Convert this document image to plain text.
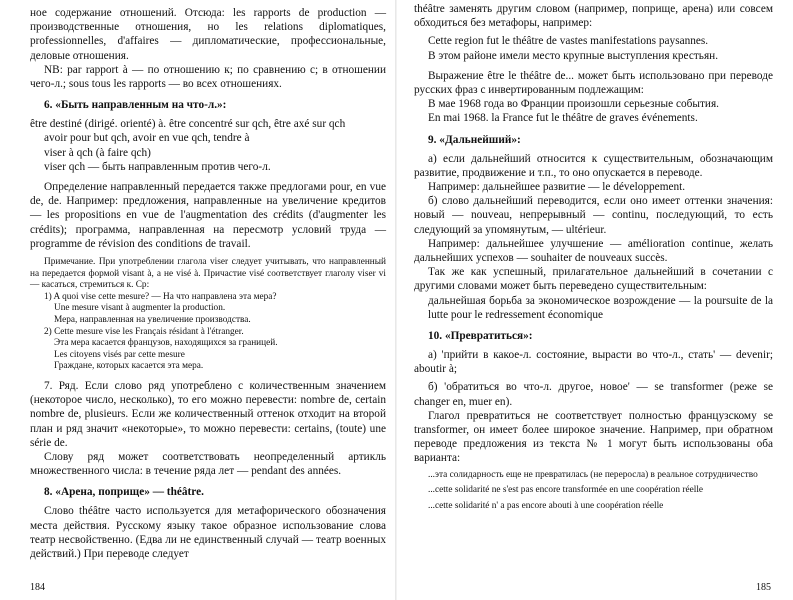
ное содержание отношений. Отсюда: les rapports de production — производственные отношения, но les relations diplomatiques, professionnelles, d'affaires — дипломатические, профессиональные, деловые отношения.

NB: par rapport à — по отношению к; по сравнению с; в отношении чего-л.; sous tous les rapports — во всех отношениях.

6. «Быть направленным на что-л.»:

être destiné (dirigé. orienté) à. être concentré sur qch, être axé sur qch

avoir pour but qch, avoir en vue qch, tendre à

viser à qch (à faire qch)

viser qch — быть направленным против чего-л.

Определение направленный передается также предлогами pour, en vue de, de. Например: предложения, направленные на увеличение кредитов — les propositions en vue de l'augmentation des crédits (d'augmenter les crédits); программа, направленная на пересмотр условий труда — programme de révision des conditions de travail.

Примечание. При употреблении глагола viser следует учитывать, что направленный на передается формой visant à, a не visé à. Причастие visé соответствует глаголу viser vi — касаться, стремиться к. Ср:

1) A quoi vise cette mesure? — На что направлена эта мера?

Une mesure visant à augmenter la production.

Мера, направленная на увеличение производства.

2) Cette mesure vise les Français résidant à l'étranger.

Эта мера касается французов, находящихся за границей.

Les citoyens visés par cette mesure

Граждане, которых касается эта мера.

7. Ряд. Если слово ряд употреблено с количественным значением (некоторое число, несколько), то его можно перевести: nombre de, certain nombre de, plusieurs. Если же количественный оттенок отходит на второй план и ряд значит «некоторые», то можно перевести: certains, (toute) une série de.

Слову ряд может соответствовать неопределенный артикль множественного числа: в течение ряда лет — pendant des années.

8. «Арена, поприще» — théâtre.

Слово théâtre часто используется для метафорического обозначения места действия. Русскому языку такое образное использование слова театр несвойственно. (Едва ли не единственный случай — театр военных действий.) При переводе следует

184

théâtre заменять другим словом (например, поприще, арена) или совсем обходиться без метафоры, например:

Cette region fut le théâtre de vastes manifestations paysannes.

В этом районе имели место крупные выступления крестьян.

Выражение être le théâtre de... может быть использовано при переводе русских фраз с инвертированным подлежащим:

В мае 1968 года во Франции произошли серьезные события.

En mai 1968. la France fut le théâtre de graves événements.

9. «Дальнейший»:

а) если дальнейший относится к существительным, обозначающим развитие, продвижение и т.п., то оно опускается в переводе.

Например: дальнейшее развитие — le développement.

б) слово дальнейший переводится, если оно имеет оттенки значения: новый — nouveau, непрерывный — continu, последующий, то есть следующий за упомянутым, — ultérieur.

Например: дальнейшее улучшение — amélioration continue, желать дальнейших успехов — souhaiter de nouveaux succès.

Так же как успешный, прилагательное дальнейший в сочетании с другими словами может быть переведено существительным:

дальнейшая борьба за экономическое возрождение — la poursuite de la lutte pour le redressement économique

10. «Превратиться»:

а) 'прийти в какое-л. состояние, вырасти во что-л., стать' — devenir; aboutir à;

б) 'обратиться во что-л. другое, новое' — se transformer (реже se changer en, muer en).

Глагол превратиться не соответствует полностью французскому se transformer, он имеет более широкое значение. Например, при обратном переводе предложения из текста № 1 могут быть использованы оба варианта:

...эта солидарность еще не превратилась (не переросла) в реальное сотрудничество

...cette solidarité ne s'est pas encore transformée en une coopération réelle

...cette solidarité n' a pas encore abouti à une coopération réelle

185
